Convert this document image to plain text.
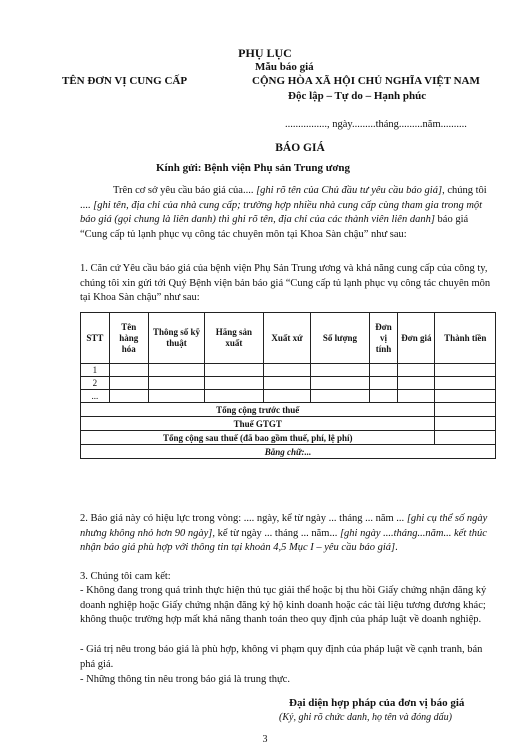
PHỤ LỤC
Mẫu báo giá
TÊN ĐƠN VỊ CUNG CẤP	CỘNG HÒA XÃ HỘI CHỦ NGHĨA VIỆT NAM
Độc lập – Tự do – Hạnh phúc
................, ngày.........tháng.........năm..........
BÁO GIÁ
Kính gửi: Bệnh viện Phụ sản Trung ương
Trên cơ sở yêu cầu báo giá của.... [ghi rõ tên của Chủ đầu tư yêu cầu báo giá], chúng tôi .... [ghi tên, địa chỉ của nhà cung cấp; trường hợp nhiều nhà cung cấp cùng tham gia trong một báo giá (gọi chung là liên danh) thì ghi rõ tên, địa chỉ của các thành viên liên danh] báo giá “Cung cấp tủ lạnh phục vụ công tác chuyên môn tại Khoa Sàn chậu” như sau:
1. Căn cứ Yêu cầu báo giá của bệnh viện Phụ Sản Trung ương và khả năng cung cấp của công ty, chúng tôi xin gửi tới Quý Bệnh viện bản báo giá “Cung cấp tủ lạnh phục vụ công tác chuyên môn tại Khoa Sàn chậu” như sau:
STT	Tên hàng hóa	Thông số kỹ thuật	Hãng sản xuất	Xuất xứ	Số lượng	Đơn vị tính	Đơn giá	Thành tiền
1								
2								
...								
Tổng cộng trước thuế								
Thuế GTGT								
Tổng cộng sau thuế (đã bao gồm thuế, phí, lệ phí)								
Bằng chữ:...								
2. Báo giá này có hiệu lực trong vòng: .... ngày, kể từ ngày ... tháng ... năm ... [ghi cụ thể số ngày nhưng không nhỏ hơn 90 ngày], kể từ ngày ... tháng ... năm... [ghi ngày ....tháng...năm... kết thúc nhận báo giá phù hợp với thông tin tại khoản 4,5 Mục I – yêu cầu báo giá].
3. Chúng tôi cam kết:
- Không đang trong quá trình thực hiện thủ tục giải thể hoặc bị thu hồi Giấy chứng nhận đăng ký doanh nghiệp hoặc Giấy chứng nhận đăng ký hộ kinh doanh hoặc các tài liệu tương đương khác; không thuộc trường hợp mất khả năng thanh toán theo quy định của pháp luật về doanh nghiệp.
- Giá trị nêu trong báo giá là phù hợp, không vi phạm quy định của pháp luật về cạnh tranh, bán phá giá.
- Những thông tin nêu trong báo giá là trung thực.
Đại diện hợp pháp của đơn vị báo giá
(Ký, ghi rõ chức danh, họ tên và đóng dấu)
3
